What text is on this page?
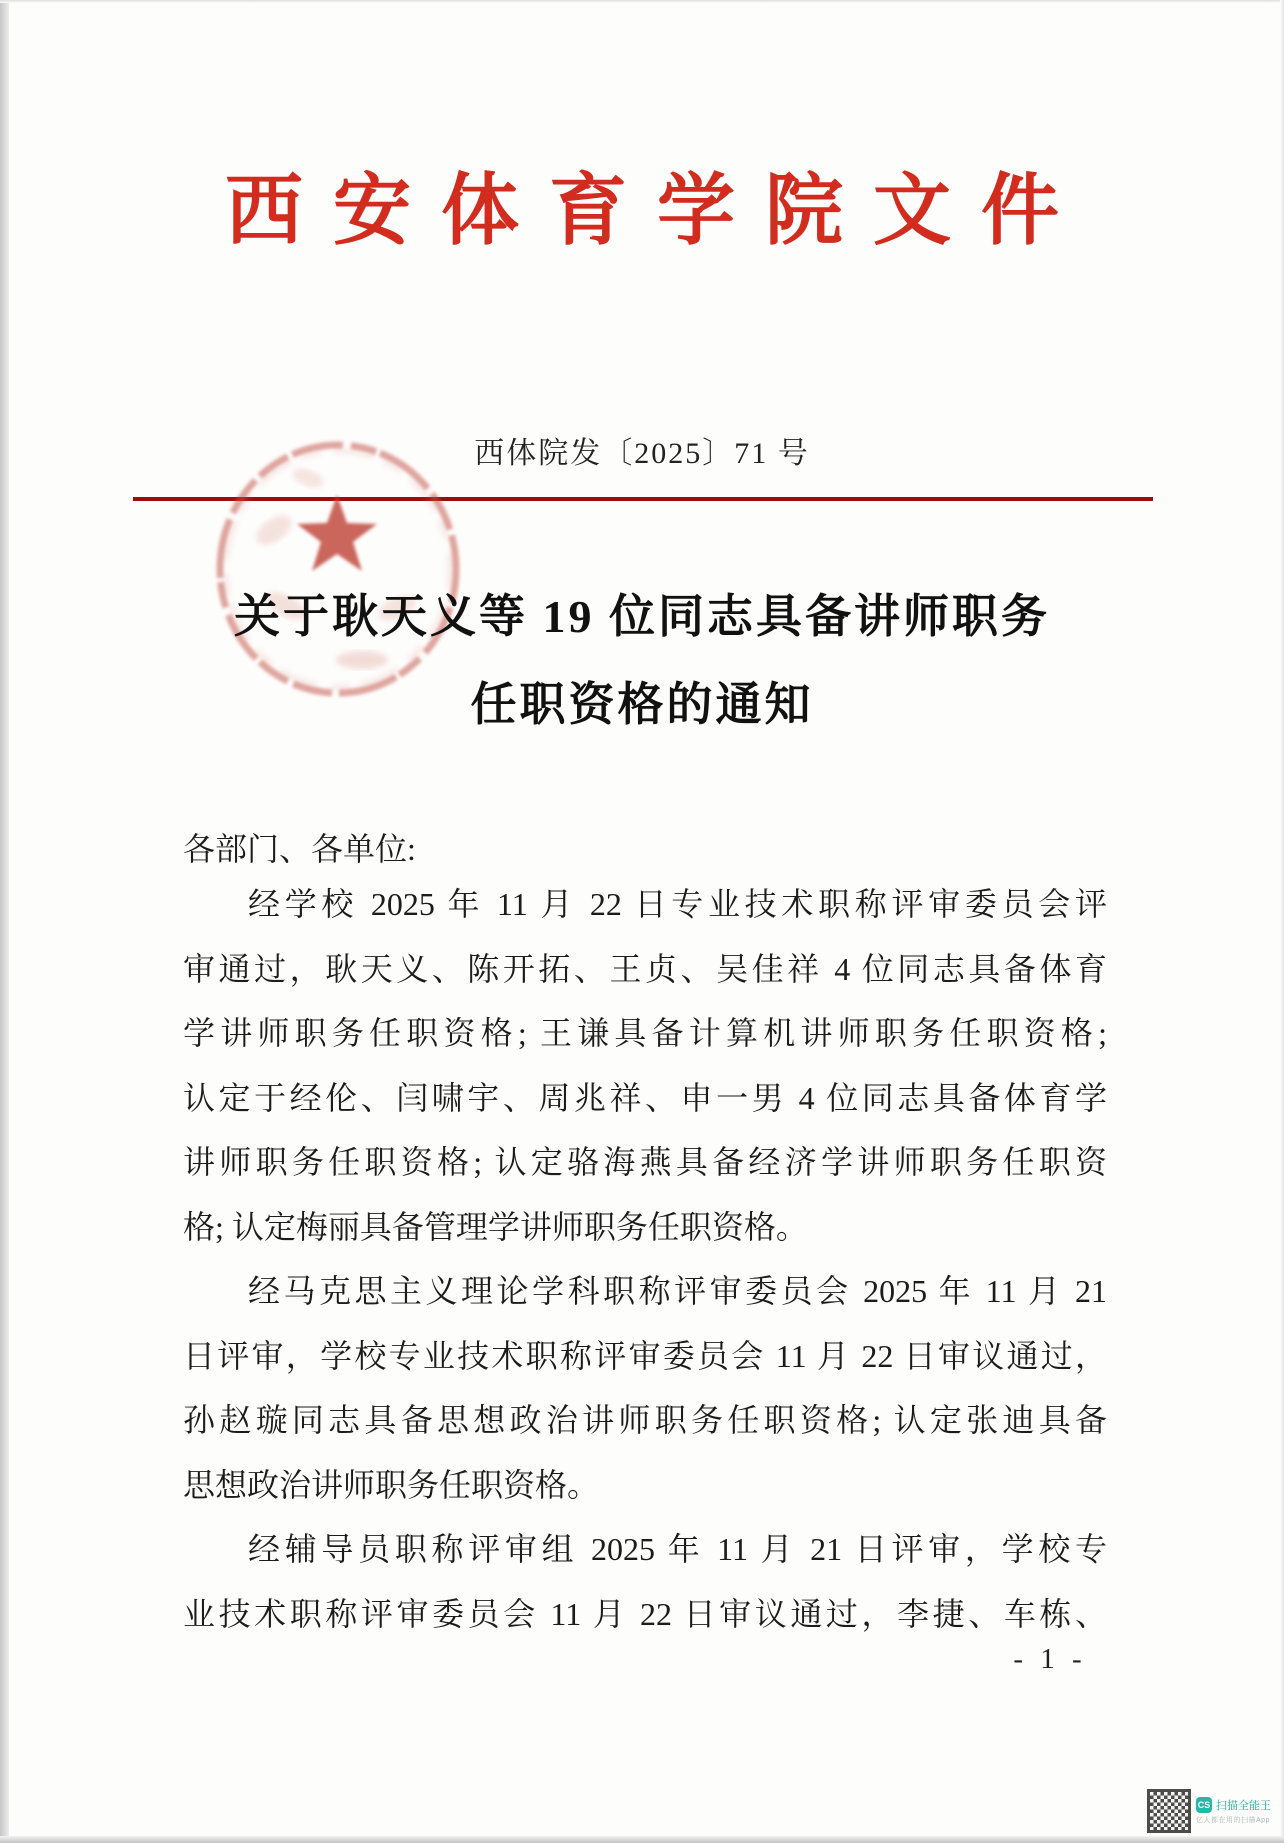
西安体育学院文件
西体院发〔2025〕71 号
关于耿天义等 19 位同志具备讲师职务
任职资格的通知
各部门、各单位:
经学校 2025 年 11 月 22 日专业技术职称评审委员会评
审通过，耿天义、陈开拓、王贞、吴佳祥 4 位同志具备体育
学讲师职务任职资格; 王谦具备计算机讲师职务任职资格;
认定于经伦、闫啸宇、周兆祥、申一男 4 位同志具备体育学
讲师职务任职资格; 认定骆海燕具备经济学讲师职务任职资
格; 认定梅丽具备管理学讲师职务任职资格。
经马克思主义理论学科职称评审委员会 2025 年 11 月 21
日评审，学校专业技术职称评审委员会 11 月 22 日审议通过，
孙赵璇同志具备思想政治讲师职务任职资格; 认定张迪具备
思想政治讲师职务任职资格。
经辅导员职称评审组 2025 年 11 月 21 日评审，学校专
业技术职称评审委员会 11 月 22 日审议通过，李捷、车栋、
- 1 -
CS 扫描全能王
亿人都在用的扫描App
